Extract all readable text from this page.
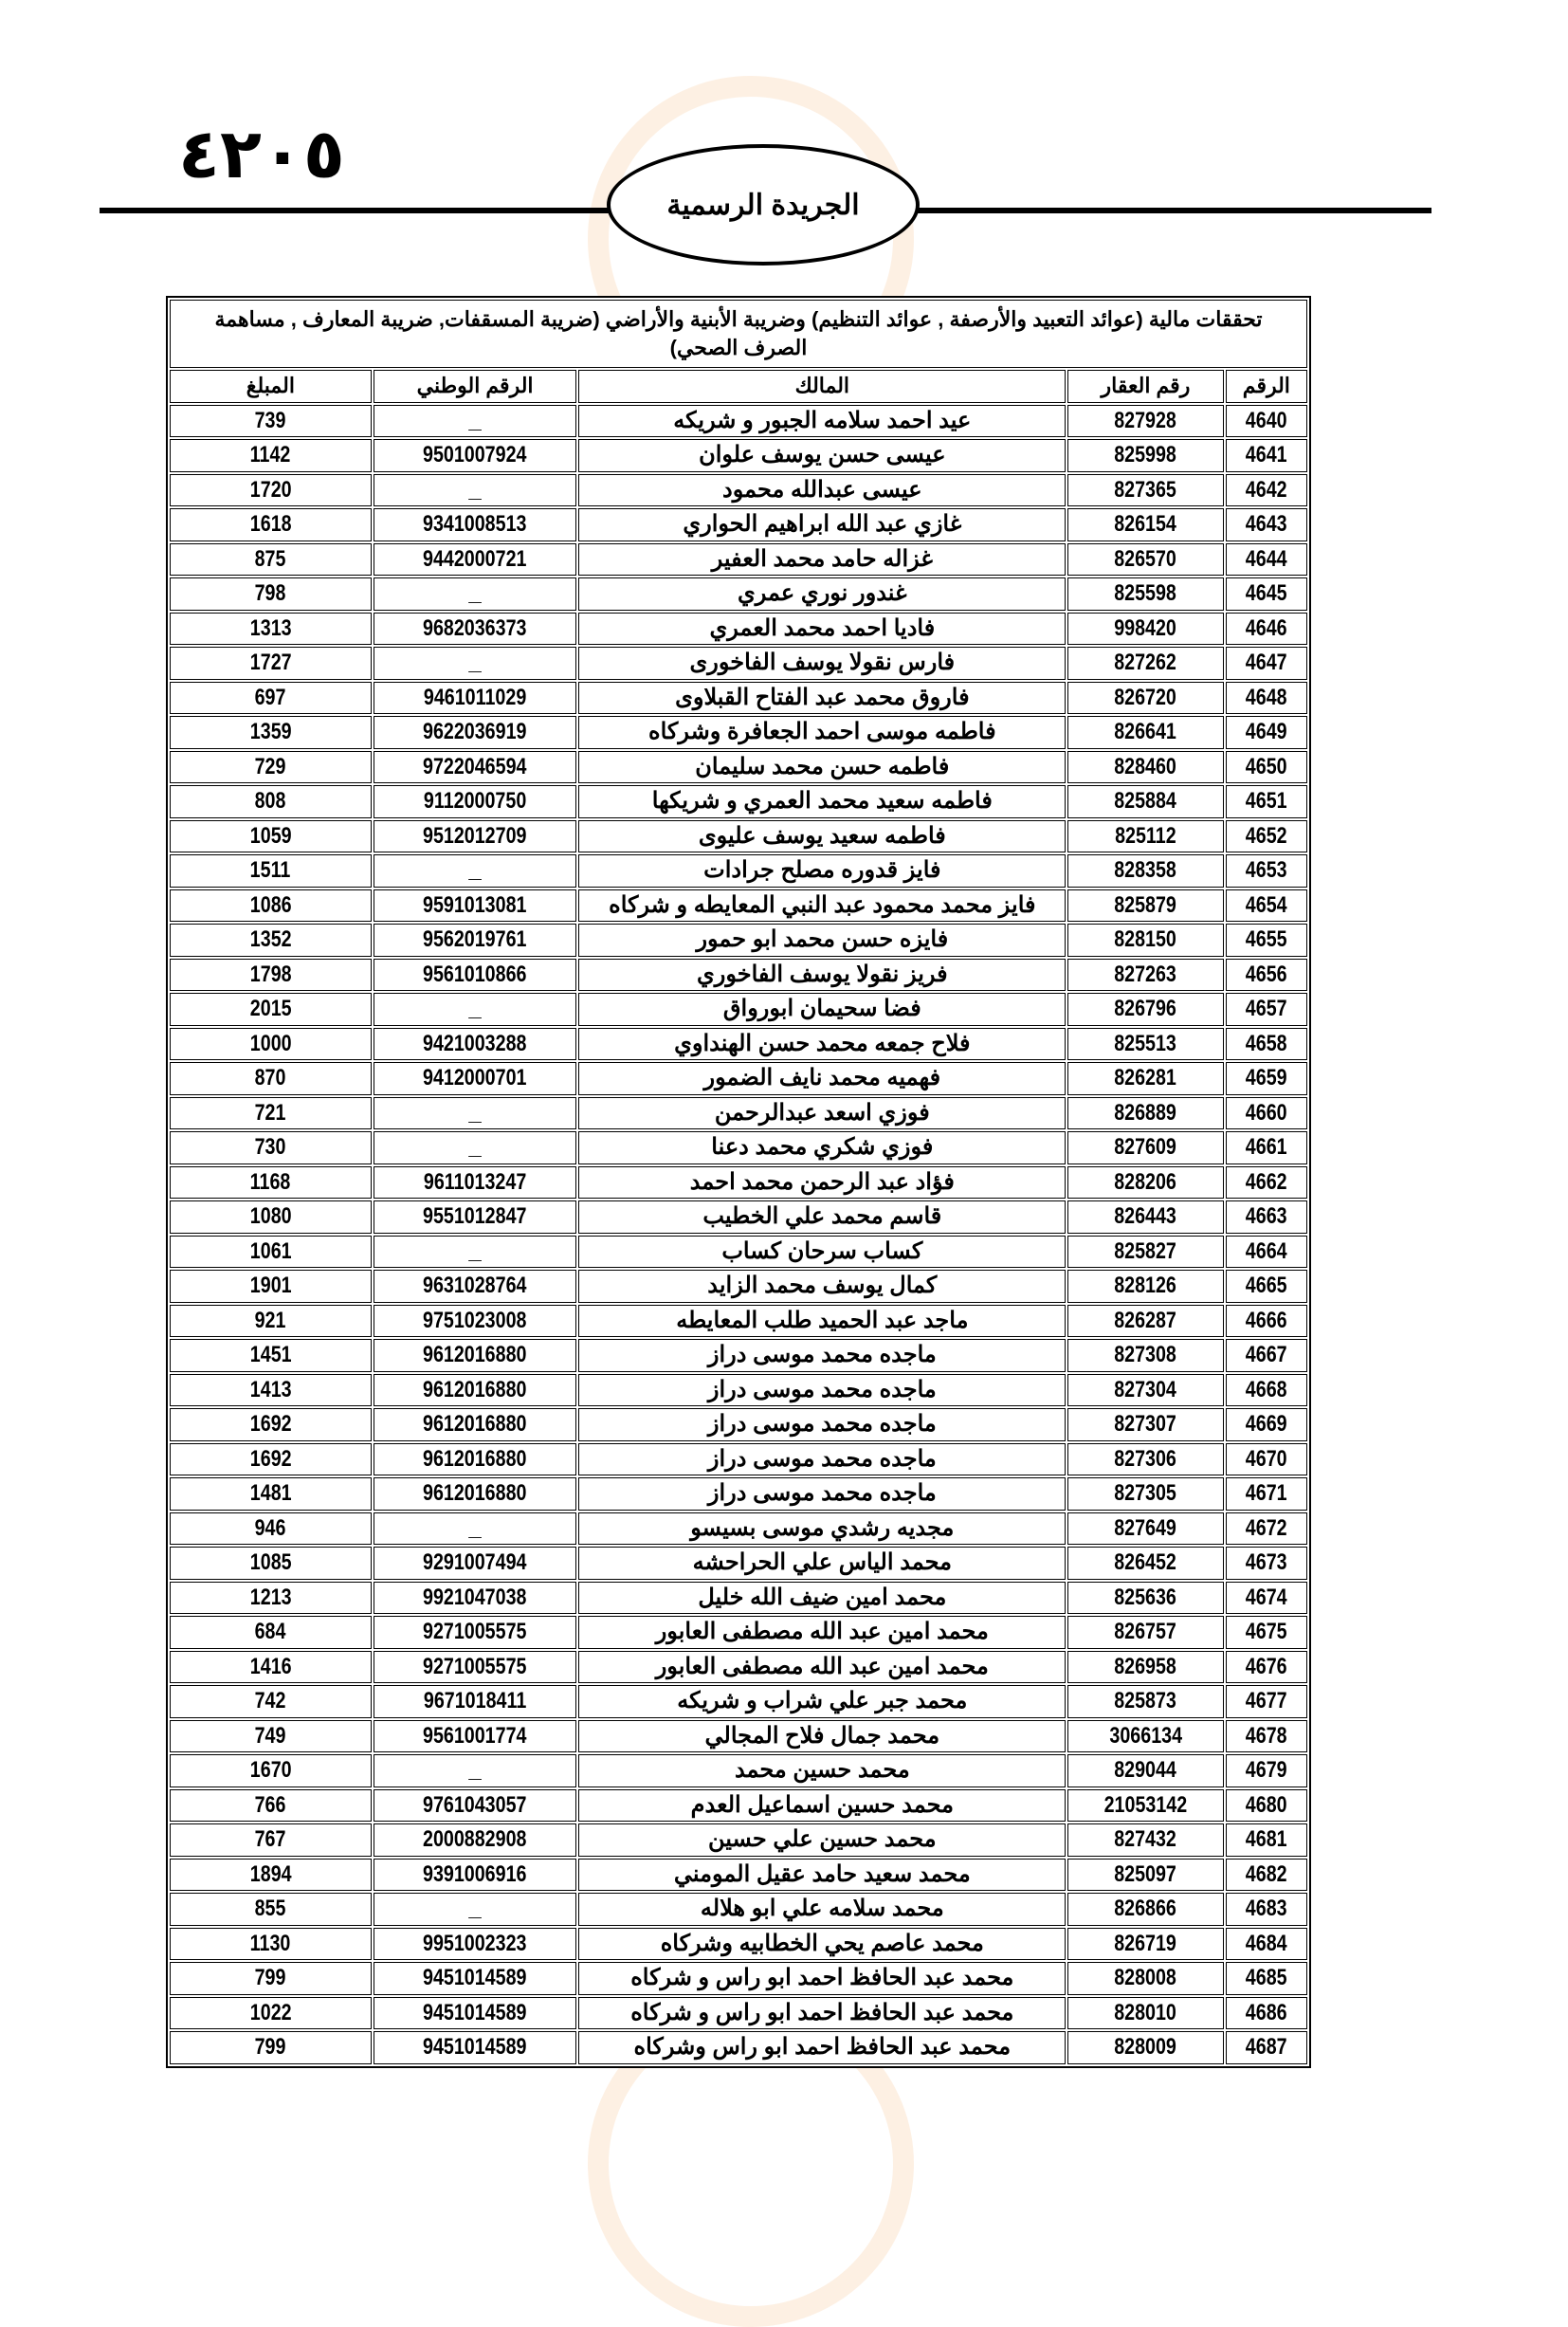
٤٢٠٥
الجريدة الرسمية
تحققات مالية (عوائد التعبيد والأرصفة , عوائد التنظيم) وضريبة الأبنية والأراضي (ضريبة المسقفات, ضريبة المعارف , مساهمة
الصرف الصحي)				

الرقم	رقم العقار	المالك	الرقم الوطني	المبلغ
4640	827928	عيد احمد سلامه الجبور و شريكه	_	739
4641	825998	عيسى حسن يوسف علوان	9501007924	1142
4642	827365	عيسى عبدالله محمود	_	1720
4643	826154	غازي عبد الله ابراهيم الحواري	9341008513	1618
4644	826570	غزاله حامد محمد العفير	9442000721	875
4645	825598	غندور نوري عمري	_	798
4646	998420	فاديا احمد محمد العمري	9682036373	1313
4647	827262	فارس نقولا يوسف الفاخورى	_	1727
4648	826720	فاروق محمد عبد الفتاح القبلاوى	9461011029	697
4649	826641	فاطمه موسى احمد الجعافرة وشركاه	9622036919	1359
4650	828460	فاطمه حسن محمد سليمان	9722046594	729
4651	825884	فاطمه سعيد محمد العمري و شريكها	9112000750	808
4652	825112	فاطمه سعيد يوسف عليوى	9512012709	1059
4653	828358	فايز قدوره مصلح جرادات	_	1511
4654	825879	فايز محمد محمود عبد النبي المعايطه و شركاه	9591013081	1086
4655	828150	فايزه حسن محمد ابو حمور	9562019761	1352
4656	827263	فريز نقولا يوسف الفاخوري	9561010866	1798
4657	826796	فضا سحيمان ابورواق	_	2015
4658	825513	فلاح جمعه محمد حسن الهنداوي	9421003288	1000
4659	826281	فهميه محمد نايف الضمور	9412000701	870
4660	826889	فوزي اسعد عبدالرحمن	_	721
4661	827609	فوزي شكري محمد دعنا	_	730
4662	828206	فؤاد عبد الرحمن محمد احمد	9611013247	1168
4663	826443	قاسم محمد علي الخطيب	9551012847	1080
4664	825827	كساب سرحان كساب	_	1061
4665	828126	كمال يوسف محمد الزايد	9631028764	1901
4666	826287	ماجد عبد الحميد طلب المعايطه	9751023008	921
4667	827308	ماجده محمد موسى دراز	9612016880	1451
4668	827304	ماجده محمد موسى دراز	9612016880	1413
4669	827307	ماجده محمد موسى دراز	9612016880	1692
4670	827306	ماجده محمد موسى دراز	9612016880	1692
4671	827305	ماجده محمد موسى دراز	9612016880	1481
4672	827649	مجديه رشدي موسى بسيسو	_	946
4673	826452	محمد الياس علي الحراحشه	9291007494	1085
4674	825636	محمد امين ضيف الله خليل	9921047038	1213
4675	826757	محمد امين عبد الله مصطفى العابور	9271005575	684
4676	826958	محمد امين عبد الله مصطفى العابور	9271005575	1416
4677	825873	محمد جبر علي شراب و شريكه	9671018411	742
4678	3066134	محمد جمال فلاح المجالي	9561001774	749
4679	829044	محمد حسين محمد	_	1670
4680	21053142	محمد حسين اسماعيل العدم	9761043057	766
4681	827432	محمد حسين علي حسين	2000882908	767
4682	825097	محمد سعيد حامد عقيل المومني	9391006916	1894
4683	826866	محمد سلامه علي ابو هلاله	_	855
4684	826719	محمد عاصم يحي الخطابيه وشركاه	9951002323	1130
4685	828008	محمد عبد الحافظ احمد ابو راس و شركاه	9451014589	799
4686	828010	محمد عبد الحافظ احمد ابو راس و شركاه	9451014589	1022
4687	828009	محمد عبد الحافظ احمد ابو راس وشركاه	9451014589	799
